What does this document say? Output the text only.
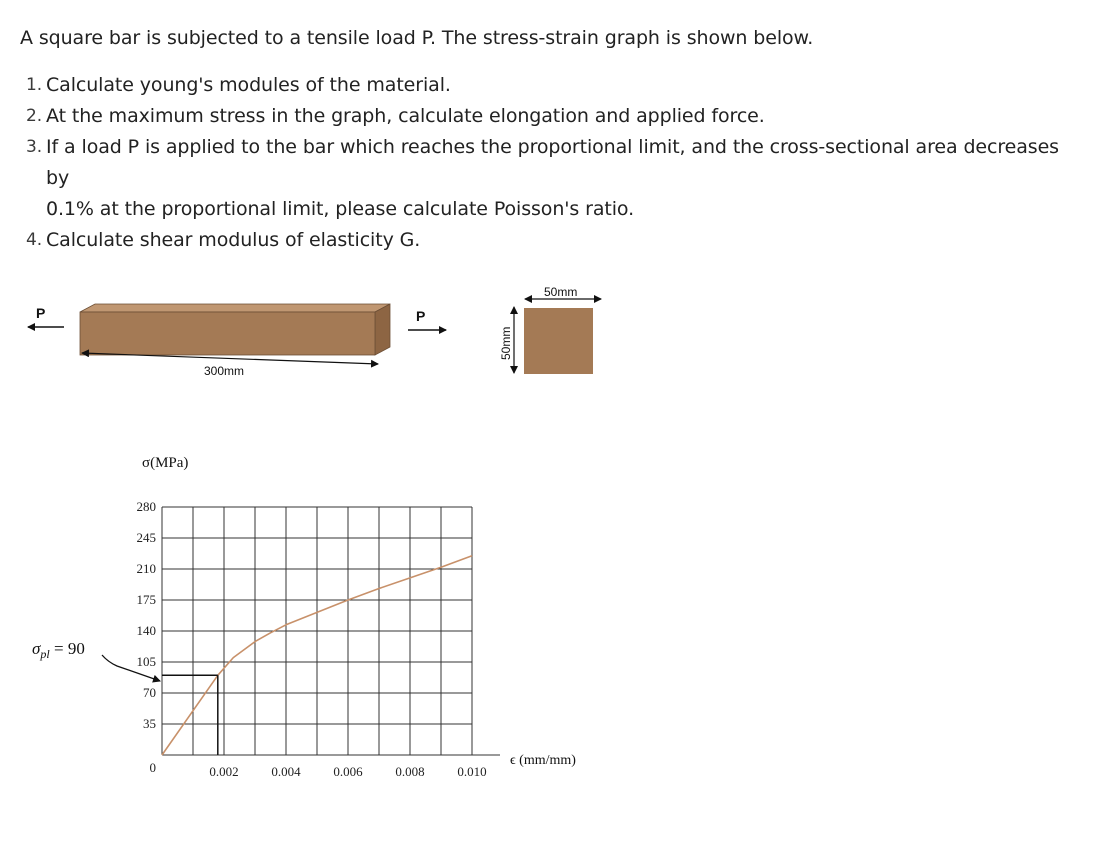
A square bar is subjected to a tensile load P. The stress-strain graph is shown below.

1. Calculate young's modules of the material.
2. At the maximum stress in the graph, calculate elongation and applied force.
3. If a load P is applied to the bar which reaches the proportional limit, and the cross-sectional area decreases by
0.1% at the proportional limit, please calculate Poisson's ratio.
4. Calculate shear modulus of elasticity G.
P
300mm
P
50mm
50mm
σ(MPa)
ϵ (mm/mm)
0
35
70
105
140
175
210
245
280
0.002	0.004	0.006	0.008	0.010
$\sigma_{pl} = 90$
